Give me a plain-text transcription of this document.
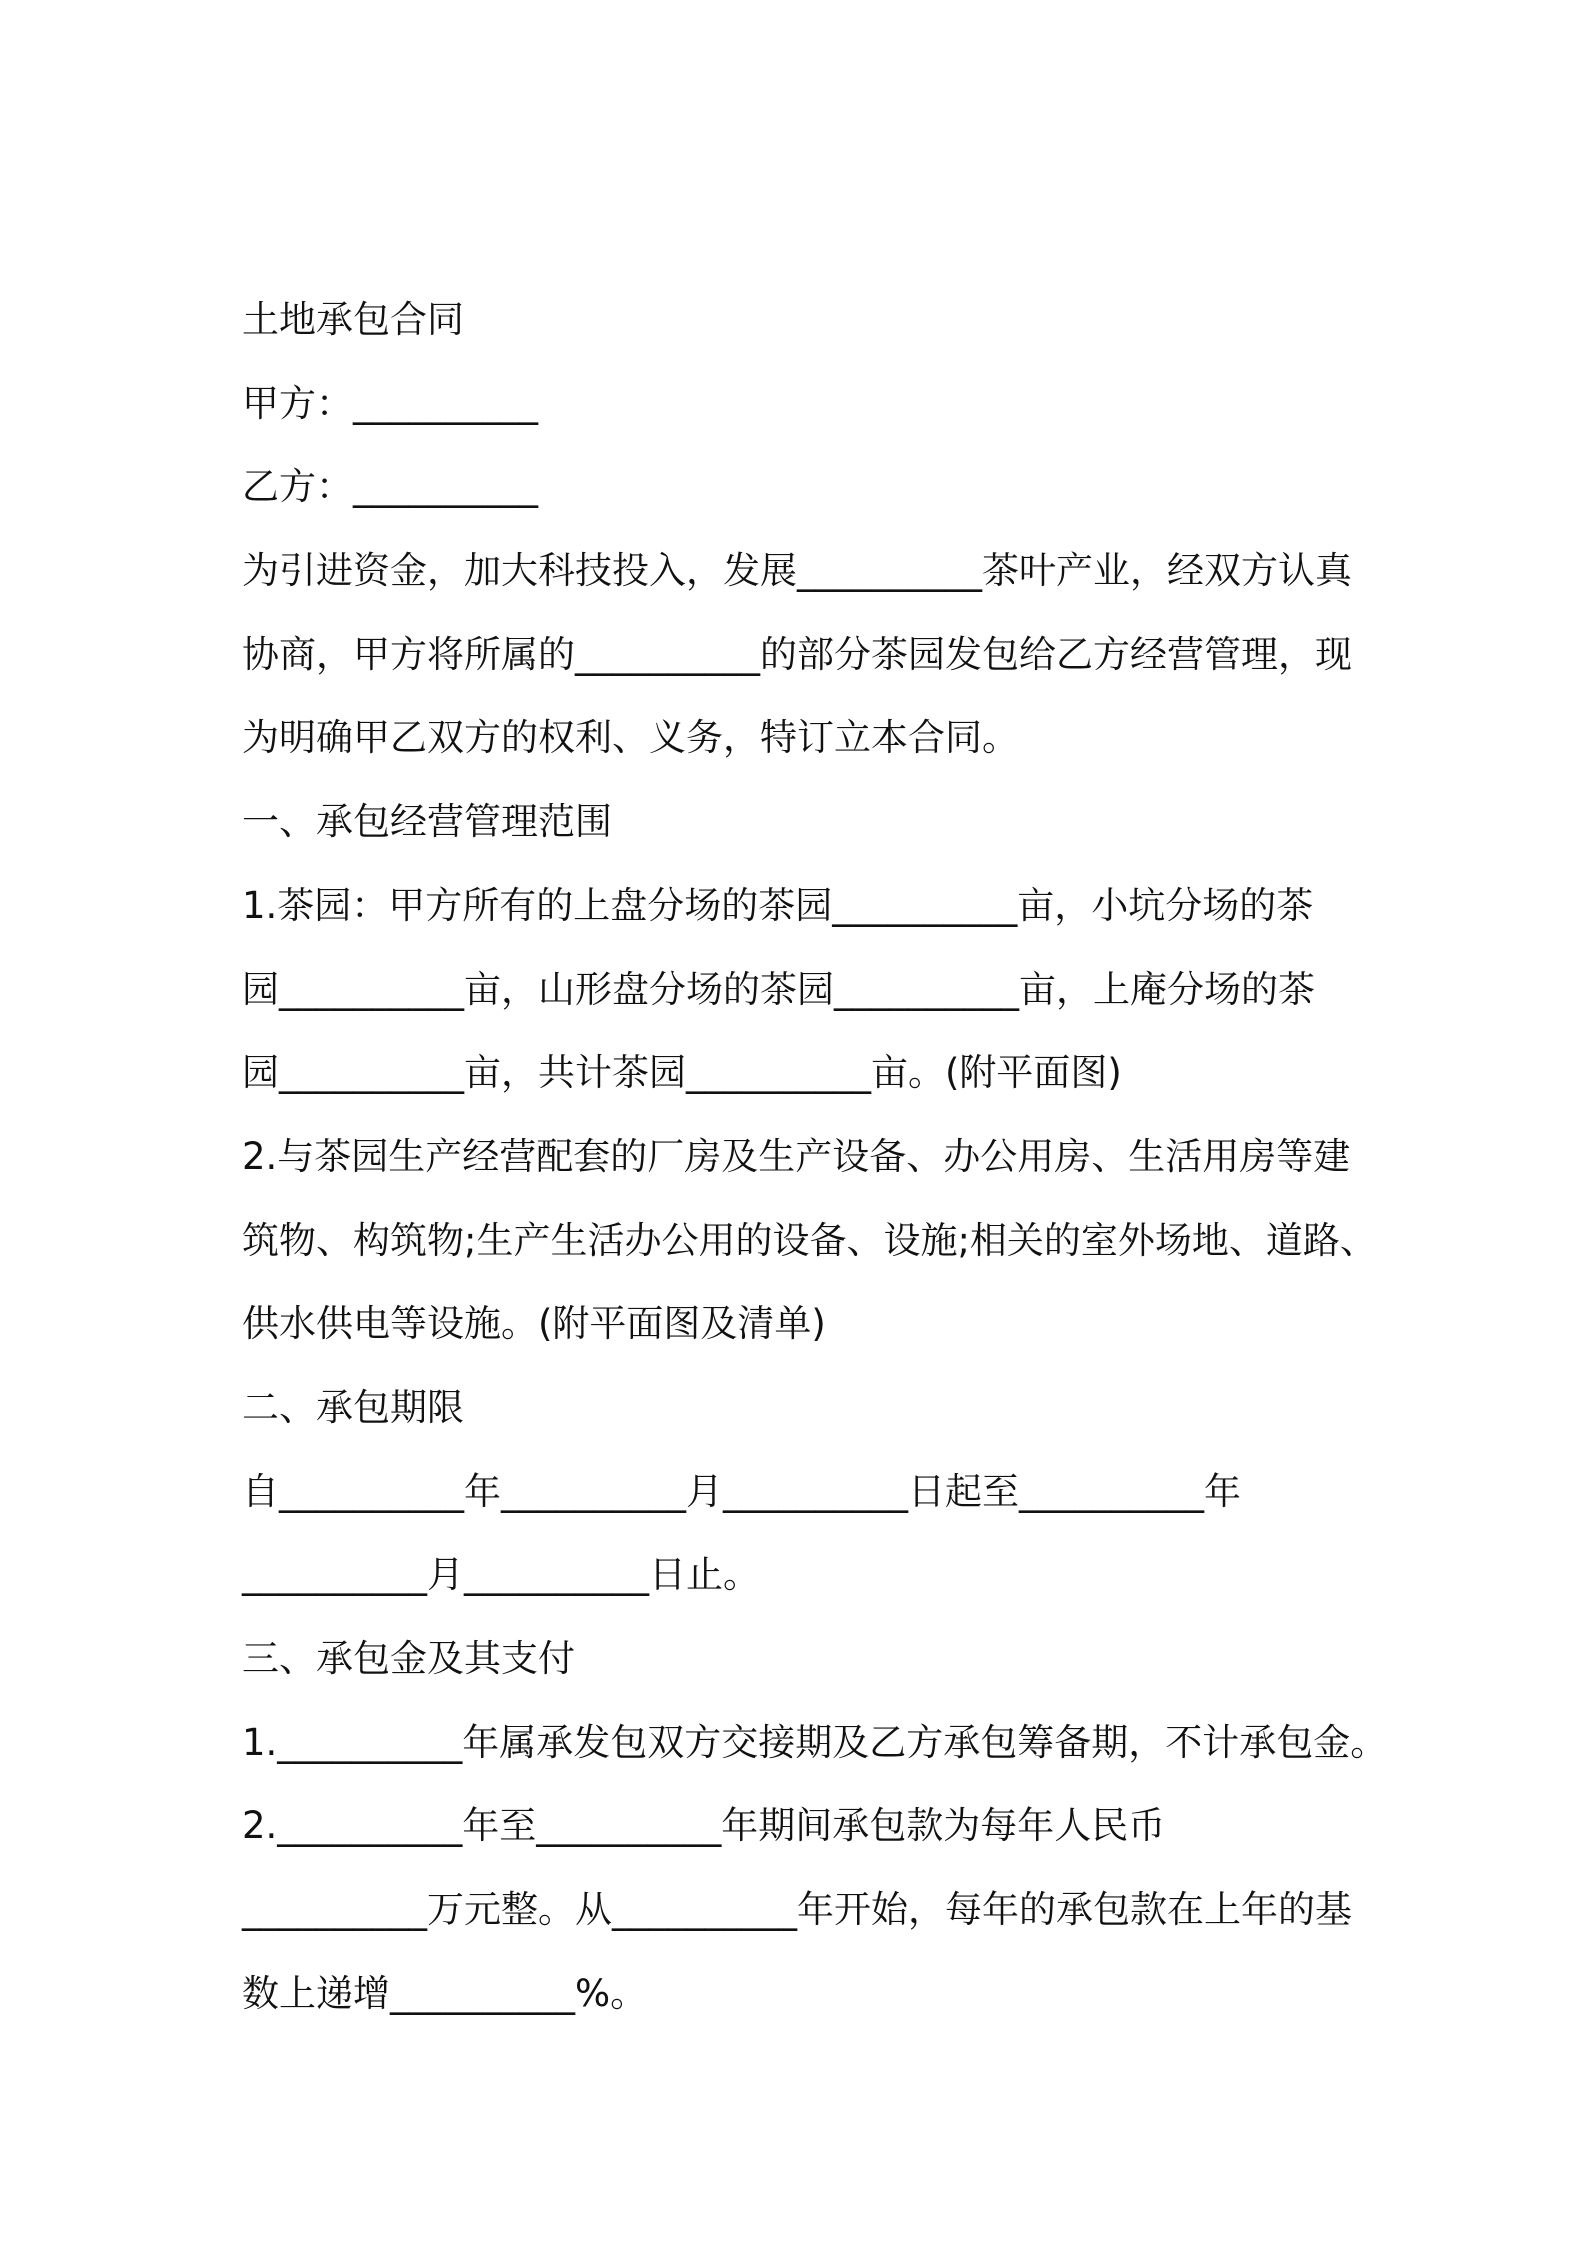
土地承包合同
甲方：__________
乙方：__________
为引进资金，加大科技投入，发展__________茶叶产业，经双方认真
协商，甲方将所属的__________的部分茶园发包给乙方经营管理，现
为明确甲乙双方的权利、义务，特订立本合同。
一、承包经营管理范围
1.茶园：甲方所有的上盘分场的茶园__________亩，小坑分场的茶
园__________亩，山形盘分场的茶园__________亩，上庵分场的茶
园__________亩，共计茶园__________亩。(附平面图)
2.与茶园生产经营配套的厂房及生产设备、办公用房、生活用房等建
筑物、构筑物;生产生活办公用的设备、设施;相关的室外场地、道路、
供水供电等设施。(附平面图及清单)
二、承包期限
自__________年__________月__________日起至__________年
__________月__________日止。
三、承包金及其支付
1.__________年属承发包双方交接期及乙方承包筹备期，不计承包金。
2.__________年至__________年期间承包款为每年人民币
__________万元整。从__________年开始，每年的承包款在上年的基
数上递增__________%。
